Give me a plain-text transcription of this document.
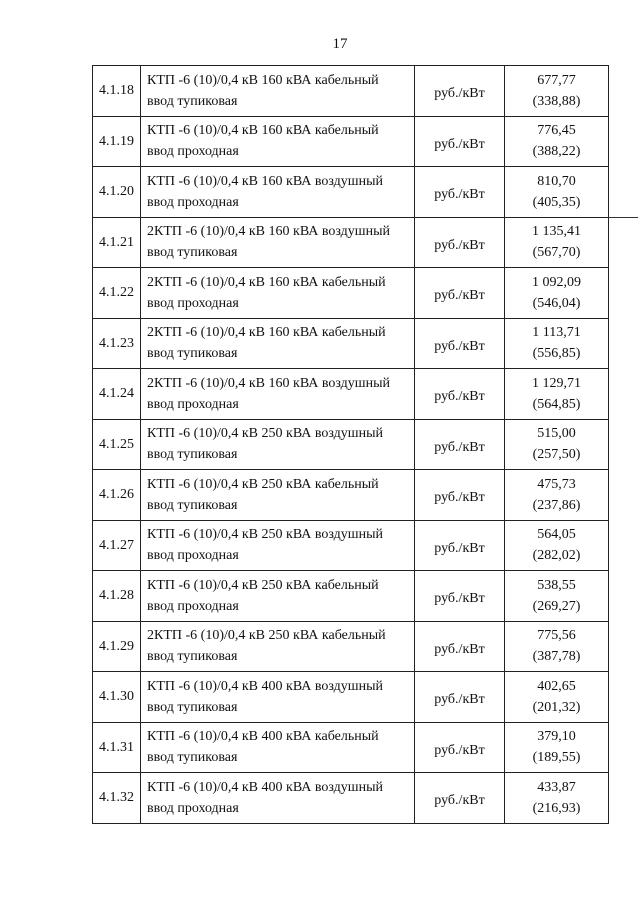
17
4.1.18	КТП -6 (10)/0,4 кВ 160 кВА кабельный
ввод тупиковая	руб./кВт	677,77
(338,88)

4.1.19	КТП -6 (10)/0,4 кВ 160 кВА кабельный
ввод проходная	руб./кВт	776,45
(388,22)

4.1.20	КТП -6 (10)/0,4 кВ 160 кВА воздушный
ввод проходная	руб./кВт	810,70
(405,35)

4.1.21	2КТП -6 (10)/0,4 кВ 160 кВА воздушный
ввод тупиковая	руб./кВт	1 135,41
(567,70)

4.1.22	2КТП -6 (10)/0,4 кВ 160 кВА кабельный
ввод проходная	руб./кВт	1 092,09
(546,04)

4.1.23	2КТП -6 (10)/0,4 кВ 160 кВА кабельный
ввод тупиковая	руб./кВт	1 113,71
(556,85)

4.1.24	2КТП -6 (10)/0,4 кВ 160 кВА воздушный
ввод проходная	руб./кВт	1 129,71
(564,85)

4.1.25	КТП -6 (10)/0,4 кВ 250 кВА воздушный
ввод тупиковая	руб./кВт	515,00
(257,50)

4.1.26	КТП -6 (10)/0,4 кВ 250 кВА кабельный
ввод тупиковая	руб./кВт	475,73
(237,86)

4.1.27	КТП -6 (10)/0,4 кВ 250 кВА воздушный
ввод проходная	руб./кВт	564,05
(282,02)

4.1.28	КТП -6 (10)/0,4 кВ 250 кВА кабельный
ввод проходная	руб./кВт	538,55
(269,27)

4.1.29	2КТП -6 (10)/0,4 кВ 250 кВА кабельный
ввод тупиковая	руб./кВт	775,56
(387,78)

4.1.30	КТП -6 (10)/0,4 кВ 400 кВА воздушный
ввод тупиковая	руб./кВт	402,65
(201,32)

4.1.31	КТП -6 (10)/0,4 кВ 400 кВА кабельный
ввод тупиковая	руб./кВт	379,10
(189,55)

4.1.32	КТП -6 (10)/0,4 кВ 400 кВА воздушный
ввод проходная	руб./кВт	433,87
(216,93)
